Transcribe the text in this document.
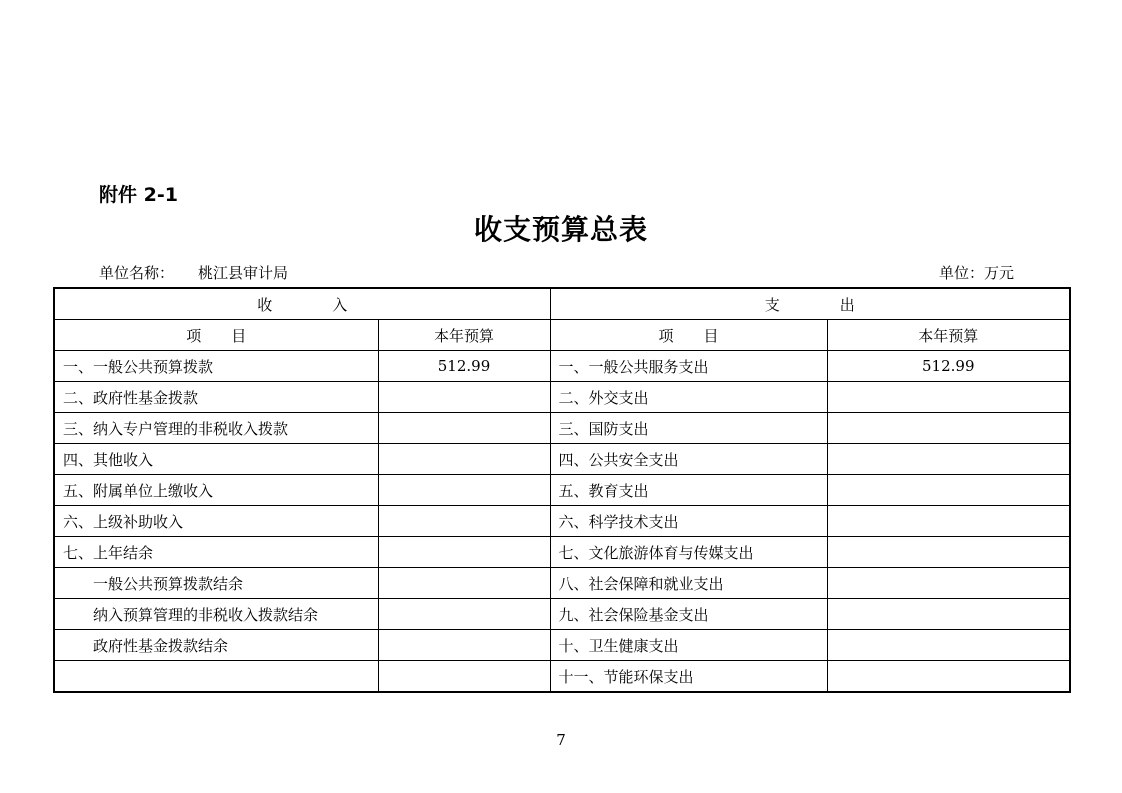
附件 2-1
收支预算总表
单位名称： 桃江县审计局	单位：万元
收　　　　入		支　　　　出	
项　　目	本年预算	项　　目	本年预算
一、一般公共预算拨款	512.99	一、一般公共服务支出	512.99
二、政府性基金拨款		二、外交支出	
三、纳入专户管理的非税收入拨款		三、国防支出	
四、其他收入		四、公共安全支出	
五、附属单位上缴收入		五、教育支出	
六、上级补助收入		六、科学技术支出	
七、上年结余		七、文化旅游体育与传媒支出	
一般公共预算拨款结余		八、社会保障和就业支出	
纳入预算管理的非税收入拨款结余		九、社会保险基金支出	
政府性基金拨款结余		十、卫生健康支出	
		十一、节能环保支出	
7
